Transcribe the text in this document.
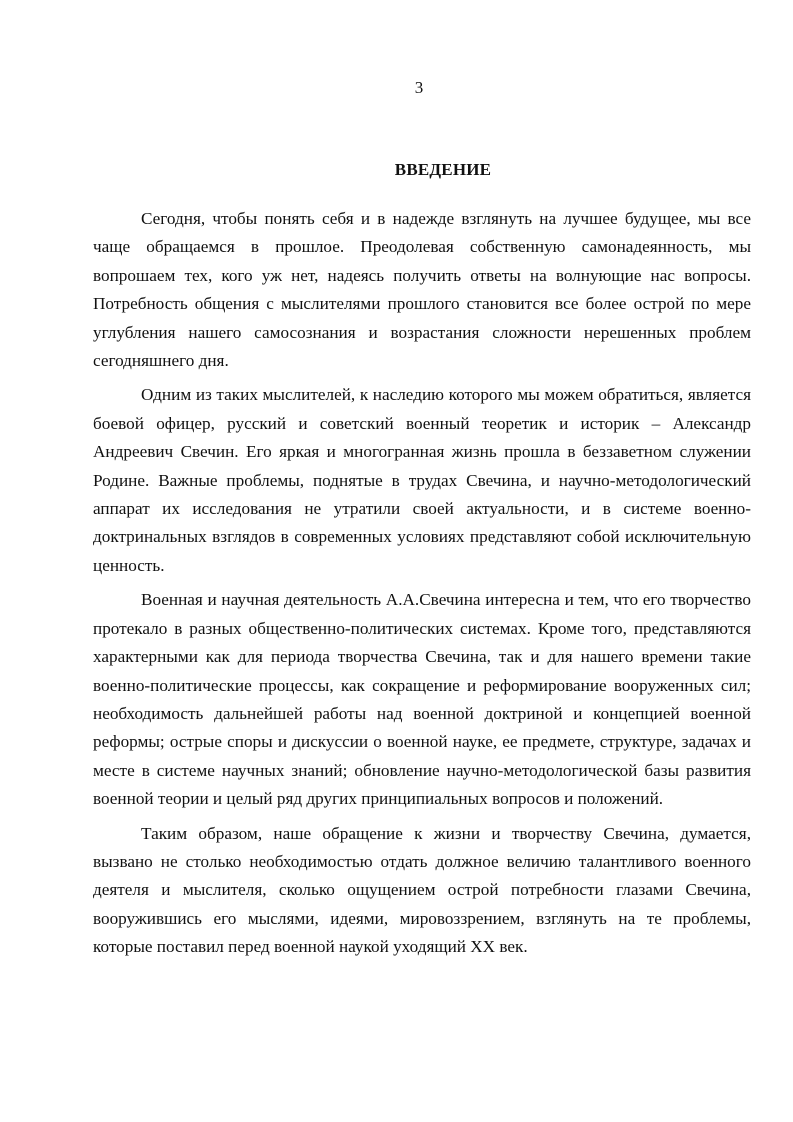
3
ВВЕДЕНИЕ

Сегодня, чтобы понять себя и в надежде взглянуть на лучшее будущее, мы все чаще обращаемся в прошлое. Преодолевая собственную самонадеянность, мы вопрошаем тех, кого уж нет, надеясь получить ответы на волнующие нас вопросы. Потребность общения с мыслителями прошлого становится все более острой по мере углубления нашего самосознания и возрастания сложности нерешенных проблем сегодняшнего дня.

Одним из таких мыслителей, к наследию которого мы можем обратиться, является боевой офицер, русский и советский военный теоретик и историк – Александр Андреевич Свечин. Его яркая и многогранная жизнь прошла в беззаветном служении Родине. Важные проблемы, поднятые в трудах Свечина, и научно-методологический аппарат их исследования не утратили своей актуальности, и в системе военно-доктринальных взглядов в современных условиях представляют собой исключительную ценность.

Военная и научная деятельность А.А.Свечина интересна и тем, что его творчество протекало в разных общественно-политических системах. Кроме того, представляются характерными как для периода творчества Свечина, так и для нашего времени такие военно-политические процессы, как сокращение и реформирование вооруженных сил; необходимость дальнейшей работы над военной доктриной и концепцией военной реформы; острые споры и дискуссии о военной науке, ее предмете, структуре, задачах и месте в системе научных знаний; обновление научно-методологической базы развития военной теории и целый ряд других принципиальных вопросов и положений.

Таким образом, наше обращение к жизни и творчеству Свечина, думается, вызвано не столько необходимостью отдать должное величию талантливого военного деятеля и мыслителя, сколько ощущением острой потребности глазами Свечина, вооружившись его мыслями, идеями, мировоззрением, взглянуть на те проблемы, которые поставил перед военной наукой уходящий XX век.
